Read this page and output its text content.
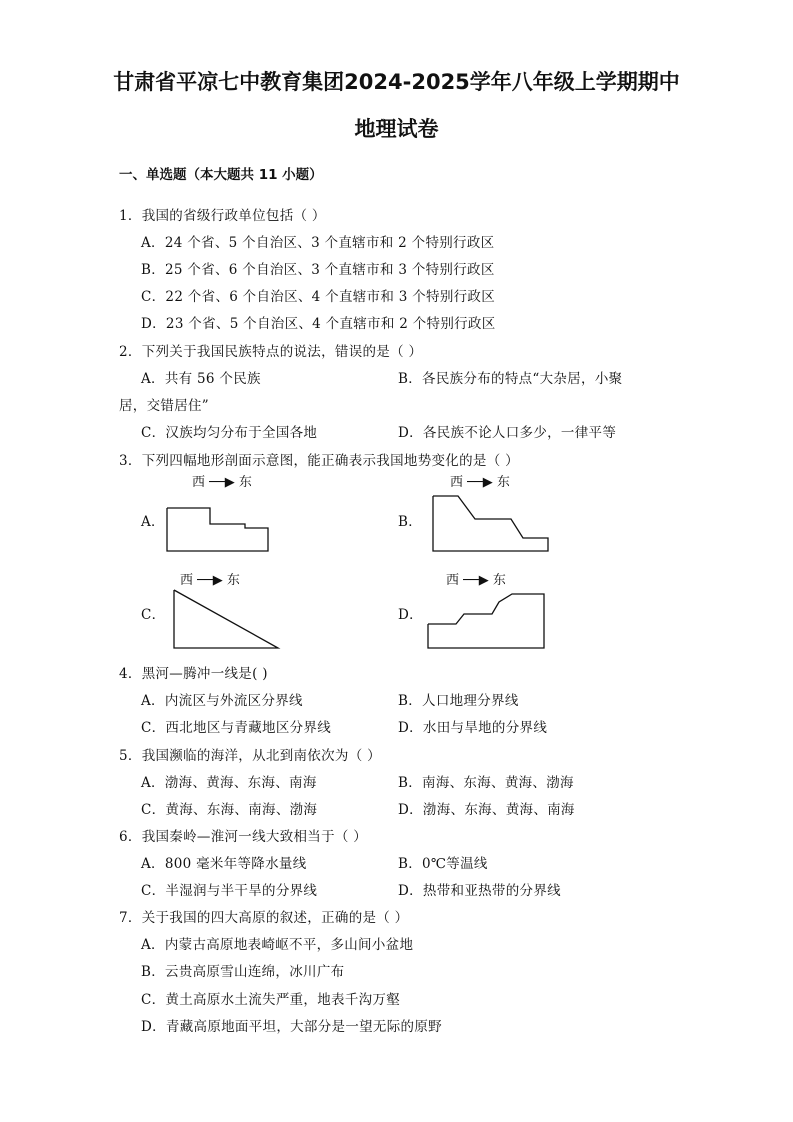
甘肃省平凉七中教育集团2024-2025学年八年级上学期期中
地理试卷
一、单选题（本大题共 11 小题）
1．我国的省级行政单位包括（ ）
A．24 个省、5 个自治区、3 个直辖市和 2 个特别行政区
B．25 个省、6 个自治区、3 个直辖市和 3 个特别行政区
C．22 个省、6 个自治区、4 个直辖市和 3 个特别行政区
D．23 个省、5 个自治区、4 个直辖市和 2 个特别行政区
2．下列关于我国民族特点的说法，错误的是（ ）
A．共有 56 个民族	B．各民族分布的特点“大杂居，小聚
居，交错居住”
C．汉族均匀分布于全国各地	D．各民族不论人口多少，一律平等
3．下列四幅地形剖面示意图，能正确表示我国地势变化的是（ ）
A．
西 ──▶ 东
B．
西 ──▶ 东
C．
西 ──▶ 东
D．
西 ──▶ 东
4．黑河—腾冲一线是( )
A．内流区与外流区分界线	B．人口地理分界线
C．西北地区与青藏地区分界线	D．水田与旱地的分界线
5．我国濒临的海洋，从北到南依次为（ ）
A．渤海、黄海、东海、南海	B．南海、东海、黄海、渤海
C．黄海、东海、南海、渤海	D．渤海、东海、黄海、南海
6．我国秦岭—淮河一线大致相当于（ ）
A．800 毫米年等降水量线	B．0℃等温线
C．半湿润与半干旱的分界线	D．热带和亚热带的分界线
7．关于我国的四大高原的叙述，正确的是（ ）
A．内蒙古高原地表崎岖不平，多山间小盆地
B．云贵高原雪山连绵，冰川广布
C．黄土高原水土流失严重，地表千沟万壑
D．青藏高原地面平坦，大部分是一望无际的原野
